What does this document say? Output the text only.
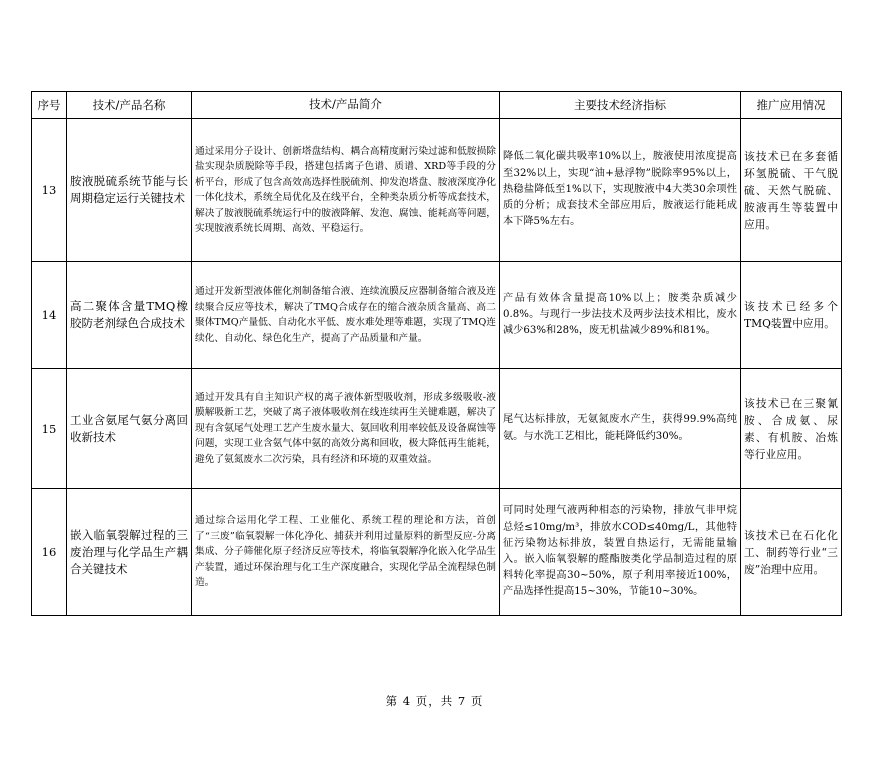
序号	技术/产品名称	技术/产品简介	主要技术经济指标	推广应用情况
13	胺液脱硫系统节能与长周期稳定运行关键技术	通过采用分子设计、创新塔盘结构、耦合高精度耐污染过滤和低胺损除盐实现杂质脱除等手段，搭建包括离子色谱、质谱、XRD等手段的分析平台，形成了包含高效高选择性脱硫剂、抑发泡塔盘、胺液深度净化一体化技术，系统全局优化及在线平台，全种类杂质分析等成套技术，解决了胺液脱硫系统运行中的胺液降解、发泡、腐蚀、能耗高等问题，实现胺液系统长周期、高效、平稳运行。	降低二氧化碳共吸率10%以上，胺液使用浓度提高至32%以上，实现“油+悬浮物”脱除率95%以上，热稳盐降低至1%以下，实现胺液中4大类30余项性质的分析；成套技术全部应用后，胺液运行能耗成本下降5%左右。	该技术已在多套循环氢脱硫、干气脱硫、天然气脱硫、胺液再生等装置中应用。
14	高二聚体含量TMQ橡胶防老剂绿色合成技术	通过开发新型液体催化剂制备缩合液、连续流膜反应器制备缩合液及连续聚合反应等技术，解决了TMQ合成存在的缩合液杂质含量高、高二聚体TMQ产量低、自动化水平低、废水难处理等难题，实现了TMQ连续化、自动化、绿色化生产，提高了产品质量和产量。	产品有效体含量提高10%以上；胺类杂质减少0.8%。与现行一步法技术及两步法技术相比，废水减少63%和28%，废无机盐减少89%和81%。	该技术已经多个TMQ装置中应用。
15	工业含氨尾气氨分离回收新技术	通过开发具有自主知识产权的离子液体新型吸收剂，形成多级吸收-液膜解吸新工艺，突破了离子液体吸收剂在线连续再生关键难题，解决了现有含氨尾气处理工艺产生废水量大、氨回收利用率较低及设备腐蚀等问题，实现工业含氨气体中氨的高效分离和回收，极大降低再生能耗，避免了氨氮废水二次污染，具有经济和环境的双重效益。	尾气达标排放，无氨氮废水产生，获得99.9%高纯氨。与水洗工艺相比，能耗降低约30%。	该技术已在三聚氰胺、合成氨、尿素、有机胺、冶炼等行业应用。
16	嵌入临氧裂解过程的三废治理与化学品生产耦合关键技术	通过综合运用化学工程、工业催化、系统工程的理论和方法，首创了“三废”临氧裂解一体化净化、捕获并利用过量原料的新型反应-分离集成、分子筛催化原子经济反应等技术，将临氧裂解净化嵌入化学品生产装置，通过环保治理与化工生产深度融合，实现化学品全流程绿色制造。	可同时处理气液两种相态的污染物，排放气非甲烷总烃≤10mg/m³，排放水COD≤40mg/L，其他特征污染物达标排放，装置自热运行，无需能量输入。嵌入临氧裂解的醛酯胺类化学品制造过程的原料转化率提高30~50%，原子利用率接近100%，产品选择性提高15~30%，节能10~30%。	该技术已在石化化工、制药等行业“三废”治理中应用。
第 4 页，共 7 页
